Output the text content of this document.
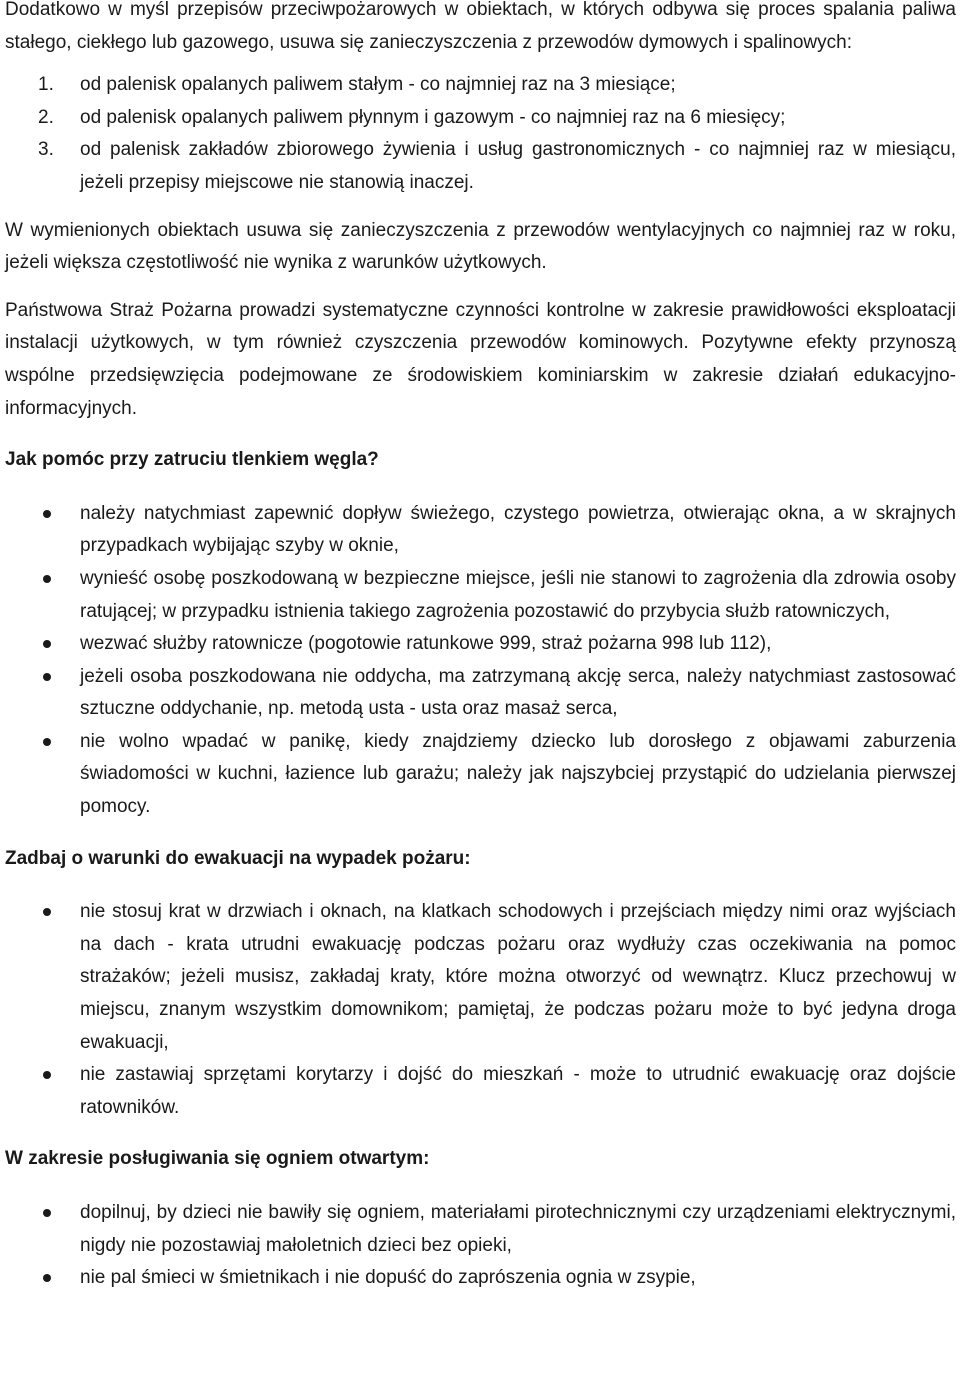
Dodatkowo w myśl przepisów przeciwpożarowych w obiektach, w których odbywa się proces spalania paliwa stałego, ciekłego lub gazowego, usuwa się zanieczyszczenia z przewodów dymowych i spalinowych:

1. od palenisk opalanych paliwem stałym - co najmniej raz na 3 miesiące;
2. od palenisk opalanych paliwem płynnym i gazowym - co najmniej raz na 6 miesięcy;
3. od palenisk zakładów zbiorowego żywienia i usług gastronomicznych - co najmniej raz w miesiącu, jeżeli przepisy miejscowe nie stanowią inaczej.

W wymienionych obiektach usuwa się zanieczyszczenia z przewodów wentylacyjnych co najmniej raz w roku, jeżeli większa częstotliwość nie wynika z warunków użytkowych.

Państwowa Straż Pożarna prowadzi systematyczne czynności kontrolne w zakresie prawidłowości eksploatacji instalacji użytkowych, w tym również czyszczenia przewodów kominowych. Pozytywne efekty przynoszą wspólne przedsięwzięcia podejmowane ze środowiskiem kominiarskim w zakresie działań edukacyjno-informacyjnych.

Jak pomóc przy zatruciu tlenkiem węgla?
należy natychmiast zapewnić dopływ świeżego, czystego powietrza, otwierając okna, a w skrajnych przypadkach wybijając szyby w oknie,
wynieść osobę poszkodowaną w bezpieczne miejsce, jeśli nie stanowi to zagrożenia dla zdrowia osoby ratującej; w przypadku istnienia takiego zagrożenia pozostawić do przybycia służb ratowniczych,
wezwać służby ratownicze (pogotowie ratunkowe 999, straż pożarna 998 lub 112),
jeżeli osoba poszkodowana nie oddycha, ma zatrzymaną akcję serca, należy natychmiast zastosować sztuczne oddychanie, np. metodą usta - usta oraz masaż serca,
nie wolno wpadać w panikę, kiedy znajdziemy dziecko lub dorosłego z objawami zaburzenia świadomości w kuchni, łazience lub garażu; należy jak najszybciej przystąpić do udzielania pierwszej pomocy.
Zadbaj o warunki do ewakuacji na wypadek pożaru:
nie stosuj krat w drzwiach i oknach, na klatkach schodowych i przejściach między nimi oraz wyjściach na dach - krata utrudni ewakuację podczas pożaru oraz wydłuży czas oczekiwania na pomoc strażaków; jeżeli musisz, zakładaj kraty, które można otworzyć od wewnątrz. Klucz przechowuj w miejscu, znanym wszystkim domownikom; pamiętaj, że podczas pożaru może to być jedyna droga ewakuacji,
nie zastawiaj sprzętami korytarzy i dojść do mieszkań - może to utrudnić ewakuację oraz dojście ratowników.
W zakresie posługiwania się ogniem otwartym:
dopilnuj, by dzieci nie bawiły się ogniem, materiałami pirotechnicznymi czy urządzeniami elektrycznymi, nigdy nie pozostawiaj małoletnich dzieci bez opieki,
nie pal śmieci w śmietnikach i nie dopuść do zaprószenia ognia w zsypie,
